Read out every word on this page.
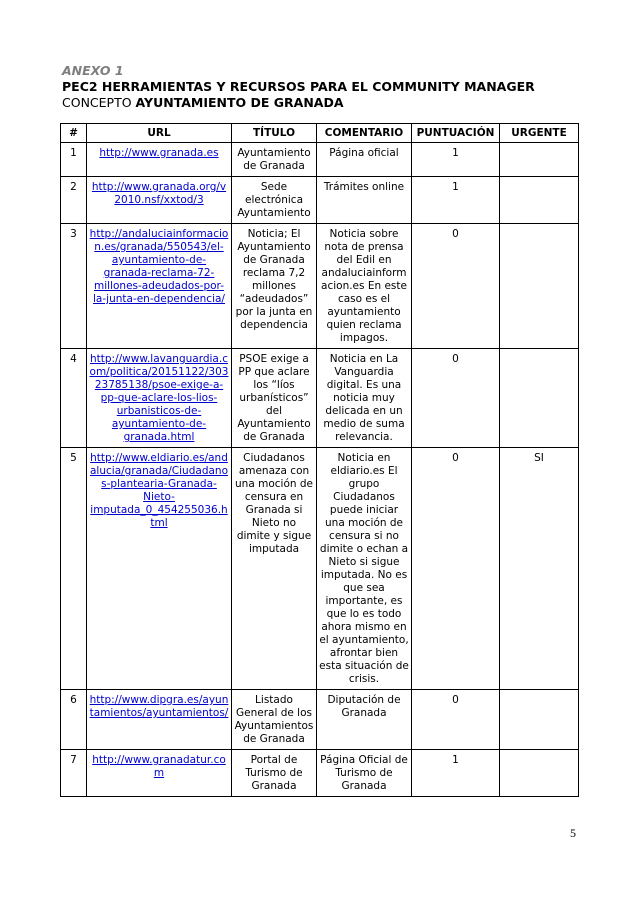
ANEXO 1
PEC2 HERRAMIENTAS Y RECURSOS PARA EL COMMUNITY MANAGER
CONCEPTO AYUNTAMIENTO DE GRANADA
#	URL	TÍTULO	COMENTARIO	PUNTUACIÓN	URGENTE
1	http://www.granada.es	Ayuntamiento de Granada	Página oficial	1	
2	http://www.granada.org/v2010.nsf/xxtod/3	Sede electrónica Ayuntamiento	Trámites online	1	
3	http://andaluciainformacion.es/granada/550543/el-ayuntamiento-de-granada-reclama-72-millones-adeudados-por-la-junta-en-dependencia/	Noticia; El Ayuntamiento de Granada reclama 7,2 millones “adeudados” por la junta en dependencia	Noticia sobre nota de prensa del Edil en andaluciainformacion.es En este caso es el ayuntamiento quien reclama impagos.	0	
4	http://www.lavanguardia.com/politica/20151122/30323785138/psoe-exige-a-pp-que-aclare-los-lios-urbanisticos-de-ayuntamiento-de-granada.html	PSOE exige a PP que aclare los “líos urbanísticos” del Ayuntamiento de Granada	Noticia en La Vanguardia digital. Es una noticia muy delicada en un medio de suma relevancia.	0	
5	http://www.eldiario.es/andalucia/granada/Ciudadanos-plantearia-Granada-Nieto-imputada_0_454255036.html	Ciudadanos amenaza con una moción de censura en Granada si Nieto no dimite y sigue imputada	Noticia en eldiario.es El grupo Ciudadanos puede iniciar una moción de censura si no dimite o echan a Nieto si sigue imputada. No es que sea importante, es que lo es todo ahora mismo en el ayuntamiento, afrontar bien esta situación de crisis.	0	SI
6	http://www.dipgra.es/ayuntamientos/ayuntamientos/	Listado General de los Ayuntamientos de Granada	Diputación de Granada	0	
7	http://www.granadatur.com	Portal de Turismo de Granada	Página Oficial de Turismo de Granada	1	
5
